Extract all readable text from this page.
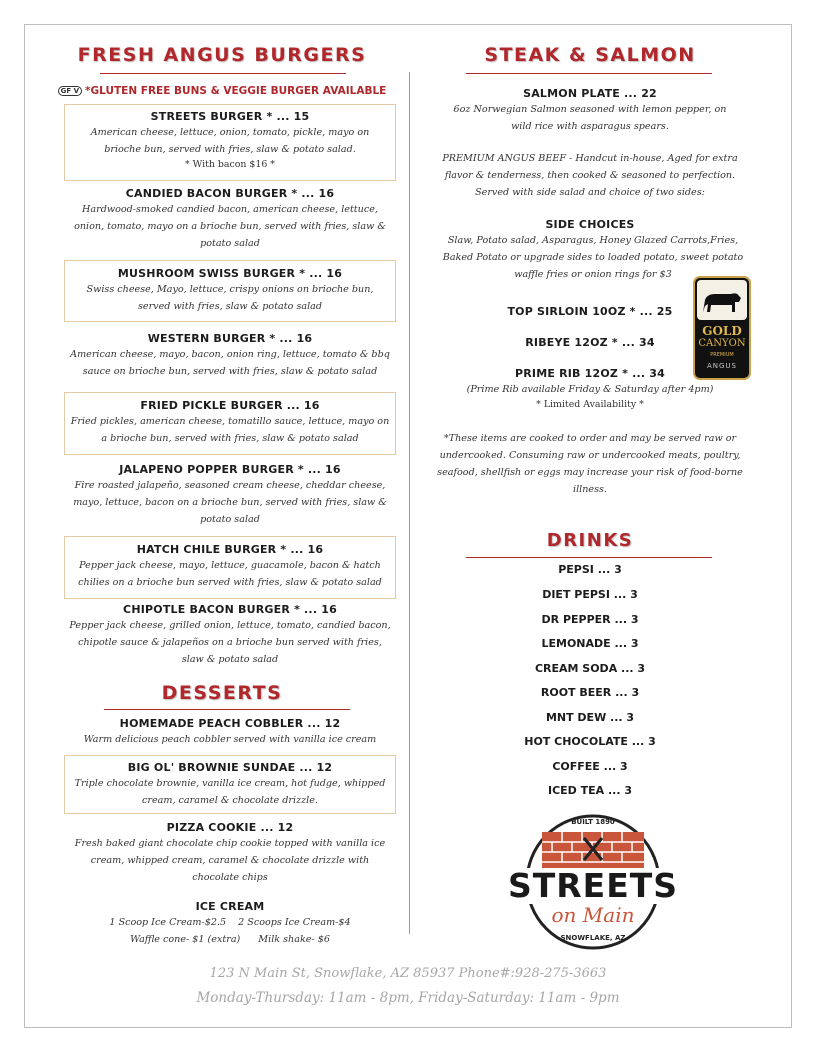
FRESH ANGUS BURGERS
GF V *GLUTEN FREE BUNS & VEGGIE BURGER AVAILABLE
STREETS BURGER * ... 15
American cheese, lettuce, onion, tomato, pickle, mayo on brioche bun, served with fries, slaw & potato salad.
* With bacon $16 *
CANDIED BACON BURGER * ... 16
Hardwood-smoked candied bacon, american cheese, lettuce, onion, tomato, mayo on a brioche bun, served with fries, slaw & potato salad
MUSHROOM SWISS BURGER * ... 16
Swiss cheese, Mayo, lettuce, crispy onions on brioche bun, served with fries, slaw & potato salad
WESTERN BURGER * ... 16
American cheese, mayo, bacon, onion ring, lettuce, tomato & bbq sauce on brioche bun, served with fries, slaw & potato salad
FRIED PICKLE BURGER ... 16
Fried pickles, american cheese, tomatillo sauce, lettuce, mayo on a brioche bun, served with fries, slaw & potato salad
JALAPENO POPPER BURGER * ... 16
Fire roasted jalapeño, seasoned cream cheese, cheddar cheese, mayo, lettuce, bacon on a brioche bun, served with fries, slaw & potato salad
HATCH CHILE BURGER * ... 16
Pepper jack cheese, mayo, lettuce, guacamole, bacon & hatch chilies on a brioche bun served with fries, slaw & potato salad
CHIPOTLE BACON BURGER * ... 16
Pepper jack cheese, grilled onion, lettuce, tomato, candied bacon, chipotle sauce & jalapeños on a brioche bun served with fries, slaw & potato salad
DESSERTS
HOMEMADE PEACH COBBLER ... 12
Warm delicious peach cobbler served with vanilla ice cream
BIG OL' BROWNIE SUNDAE ... 12
Triple chocolate brownie, vanilla ice cream, hot fudge, whipped cream, caramel & chocolate drizzle.
PIZZA COOKIE ... 12
Fresh baked giant chocolate chip cookie topped with vanilla ice cream, whipped cream, caramel & chocolate drizzle with chocolate chips
ICE CREAM
1 Scoop Ice Cream-$2.5 2 Scoops Ice Cream-$4
Waffle cone- $1 (extra) Milk shake- $6
STEAK & SALMON
SALMON PLATE ... 22
6oz Norwegian Salmon seasoned with lemon pepper, on wild rice with asparagus spears.
PREMIUM ANGUS BEEF - Handcut in-house, Aged for extra flavor & tenderness, then cooked & seasoned to perfection. Served with side salad and choice of two sides:
SIDE CHOICES
Slaw, Potato salad, Asparagus, Honey Glazed Carrots,Fries, Baked Potato or upgrade sides to loaded potato, sweet potato waffle fries or onion rings for $3
TOP SIRLOIN 10OZ * ... 25
RIBEYE 12OZ * ... 34
PRIME RIB 12OZ * ... 34
(Prime Rib available Friday & Saturday after 4pm)
* Limited Availability *
*These items are cooked to order and may be served raw or undercooked. Consuming raw or undercooked meats, poultry, seafood, shellfish or eggs may increase your risk of food-borne illness.
GOLD
CANYON
PREMIUM
ANGUS
DRINKS
PEPSI ... 3
DIET PEPSI ... 3
DR PEPPER ... 3
LEMONADE ... 3
CREAM SODA ... 3
ROOT BEER ... 3
MNT DEW ... 3
HOT CHOCOLATE ... 3
COFFEE ... 3
ICED TEA ... 3
BUILT 1890
STREETS
on Main
SNOWFLAKE, AZ
123 N Main St, Snowflake, AZ 85937 Phone#:928-275-3663
Monday-Thursday: 11am - 8pm, Friday-Saturday: 11am - 9pm
